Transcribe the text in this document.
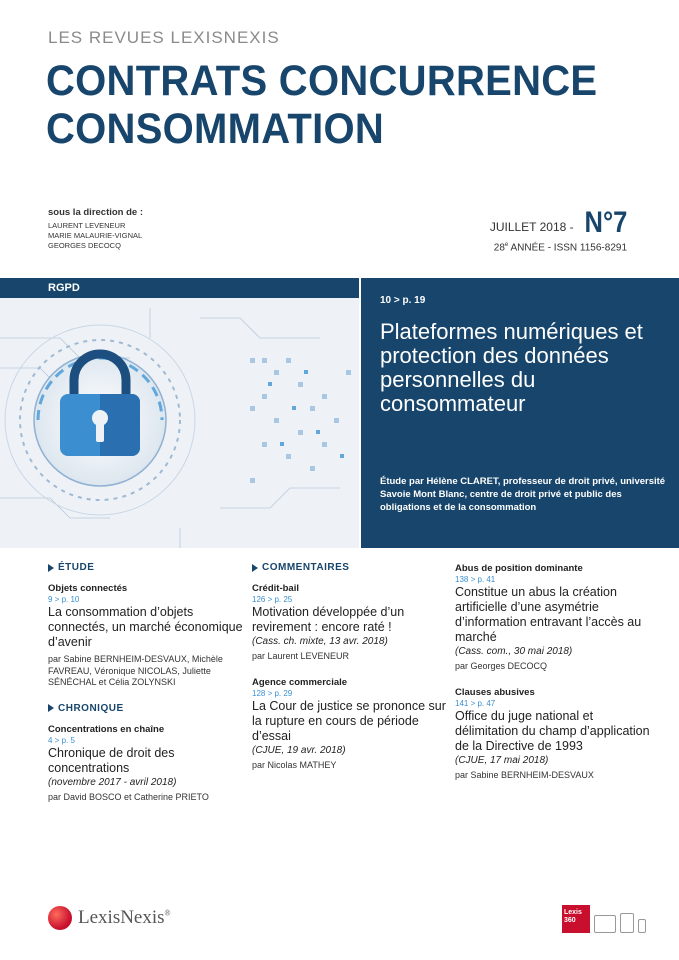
LES REVUES LEXISNEXIS
CONTRATS CONCURRENCE
CONSOMMATION
sous la direction de :
LAURENT LEVENEUR
MARIE MALAURIE-VIGNAL
GEORGES DECOCQ
JUILLET 2018 - N°7
28e ANNÉE - ISSN 1156-8291
RGPD
10 > p. 19
Plateformes numériques et protection des données personnelles du consommateur
Étude par Hélène CLARET, professeur de droit privé, université Savoie Mont Blanc, centre de droit privé et public des obligations et de la consommation
ÉTUDE
Objets connectés
9 > p. 10
La consommation d’objets connectés, un marché économique d’avenir
par Sabine BERNHEIM-DESVAUX, Michèle FAVREAU, Véronique NICOLAS, Juliette SÉNÉCHAL et Célia ZOLYNSKI
CHRONIQUE
Concentrations en chaîne
4 > p. 5
Chronique de droit des concentrations
(novembre 2017 - avril 2018)
par David BOSCO et Catherine PRIETO
COMMENTAIRES
Crédit-bail
126 > p. 25
Motivation développée d’un revirement : encore raté !
(Cass. ch. mixte, 13 avr. 2018)
par Laurent LEVENEUR
Agence commerciale
128 > p. 29
La Cour de justice se prononce sur la rupture en cours de période d’essai
(CJUE, 19 avr. 2018)
par Nicolas MATHEY
Abus de position dominante
138 > p. 41
Constitue un abus la création artificielle d’une asymétrie d’information entravant l’accès au marché
(Cass. com., 30 mai 2018)
par Georges DECOCQ
Clauses abusives
141 > p. 47
Office du juge national et délimitation du champ d’application de la Directive de 1993
(CJUE, 17 mai 2018)
par Sabine BERNHEIM-DESVAUX
LexisNexis®	Lexis 360
